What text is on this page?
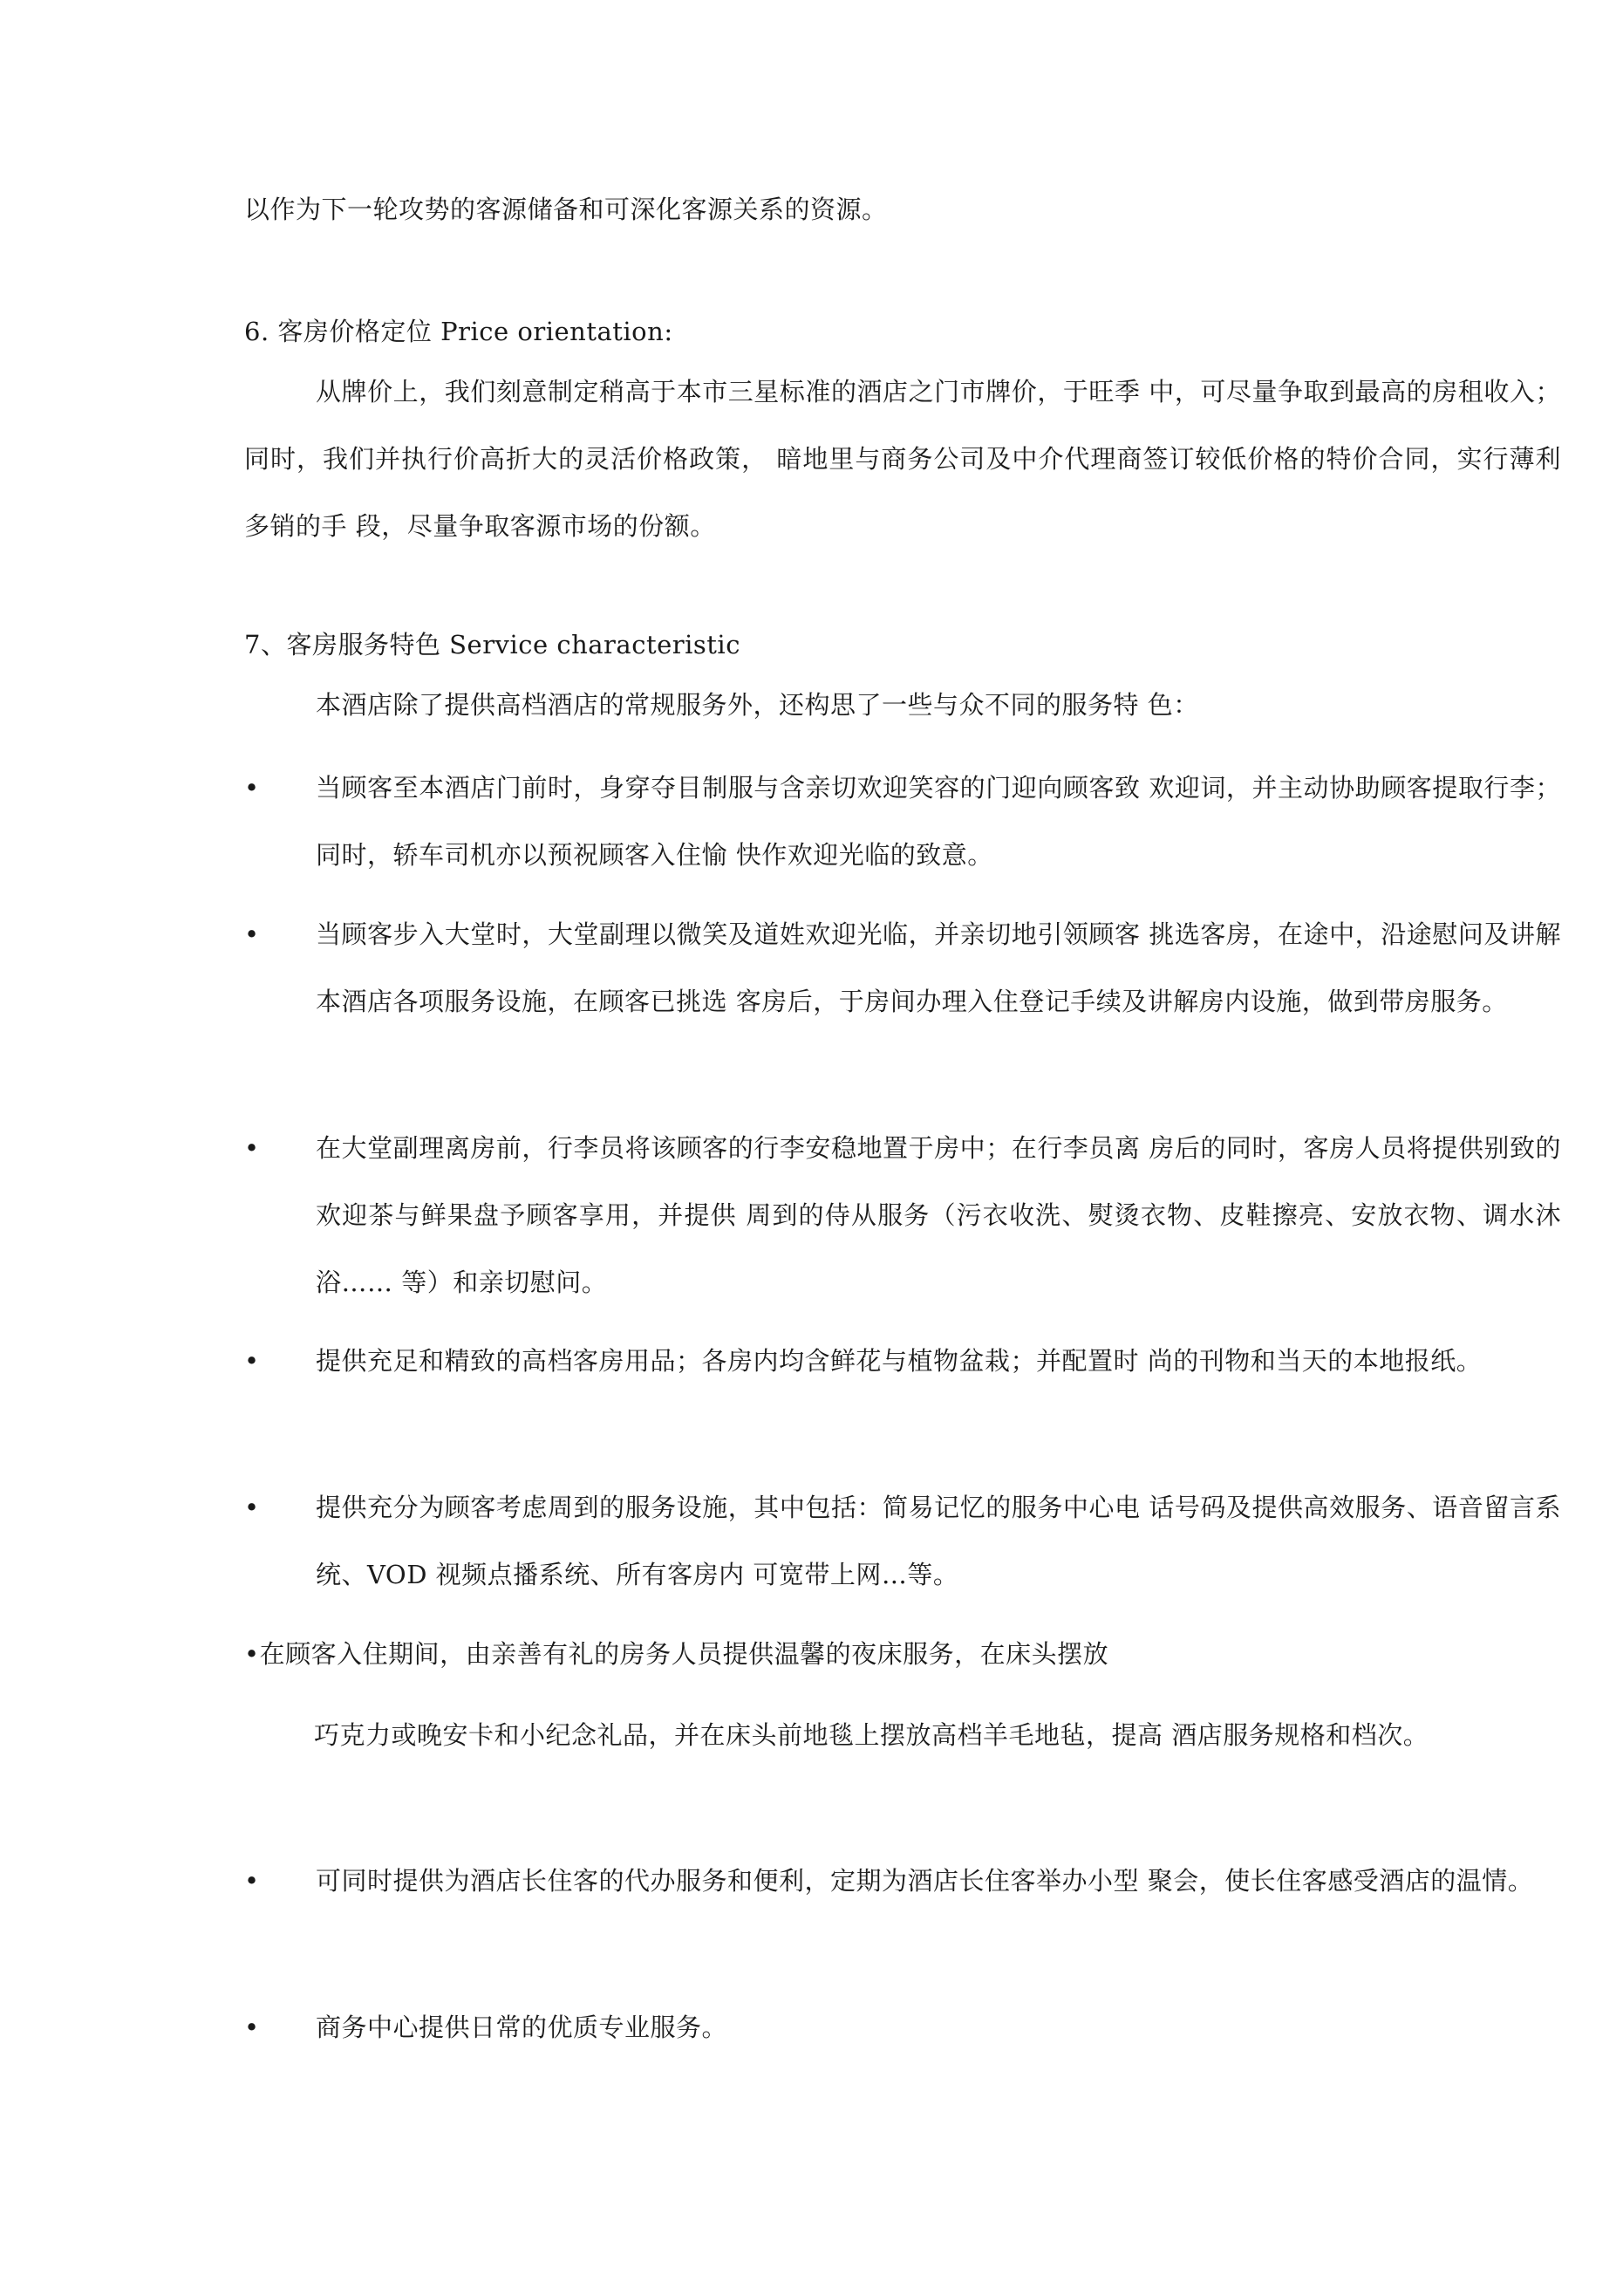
以作为下一轮攻势的客源储备和可深化客源关系的资源。
6. 客房价格定位 Price orientation:
从牌价上，我们刻意制定稍高于本市三星标准的酒店之门市牌价，于旺季 中，可尽量争取到最高的房租收入；同时，我们并执行价高折大的灵活价格政策， 暗地里与商务公司及中介代理商签订较低价格的特价合同，实行薄利多销的手 段，尽量争取客源市场的份额。
7、客房服务特色 Service characteristic
本酒店除了提供高档酒店的常规服务外，还构思了一些与众不同的服务特 色：
•	当顾客至本酒店门前时，身穿夺目制服与含亲切欢迎笑容的门迎向顾客致 欢迎词，并主动协助顾客提取行李；同时，轿车司机亦以预祝顾客入住愉 快作欢迎光临的致意。
•	当顾客步入大堂时，大堂副理以微笑及道姓欢迎光临，并亲切地引领顾客 挑选客房，在途中，沿途慰问及讲解本酒店各项服务设施，在顾客已挑选 客房后，于房间办理入住登记手续及讲解房内设施，做到带房服务。
•	在大堂副理离房前，行李员将该顾客的行李安稳地置于房中；在行李员离 房后的同时，客房人员将提供别致的欢迎茶与鲜果盘予顾客享用，并提供 周到的侍从服务（污衣收洗、熨烫衣物、皮鞋擦亮、安放衣物、调水沐浴…… 等）和亲切慰问。
•	提供充足和精致的高档客房用品；各房内均含鲜花与植物盆栽；并配置时 尚的刊物和当天的本地报纸。
•	提供充分为顾客考虑周到的服务设施，其中包括：简易记忆的服务中心电 话号码及提供高效服务、语音留言系统、VOD 视频点播系统、所有客房内 可宽带上网…等。
•在顾客入住期间，由亲善有礼的房务人员提供温馨的夜床服务，在床头摆放
巧克力或晚安卡和小纪念礼品，并在床头前地毯上摆放高档羊毛地毡，提高 酒店服务规格和档次。
•	可同时提供为酒店长住客的代办服务和便利，定期为酒店长住客举办小型 聚会，使长住客感受酒店的温情。
•	商务中心提供日常的优质专业服务。
